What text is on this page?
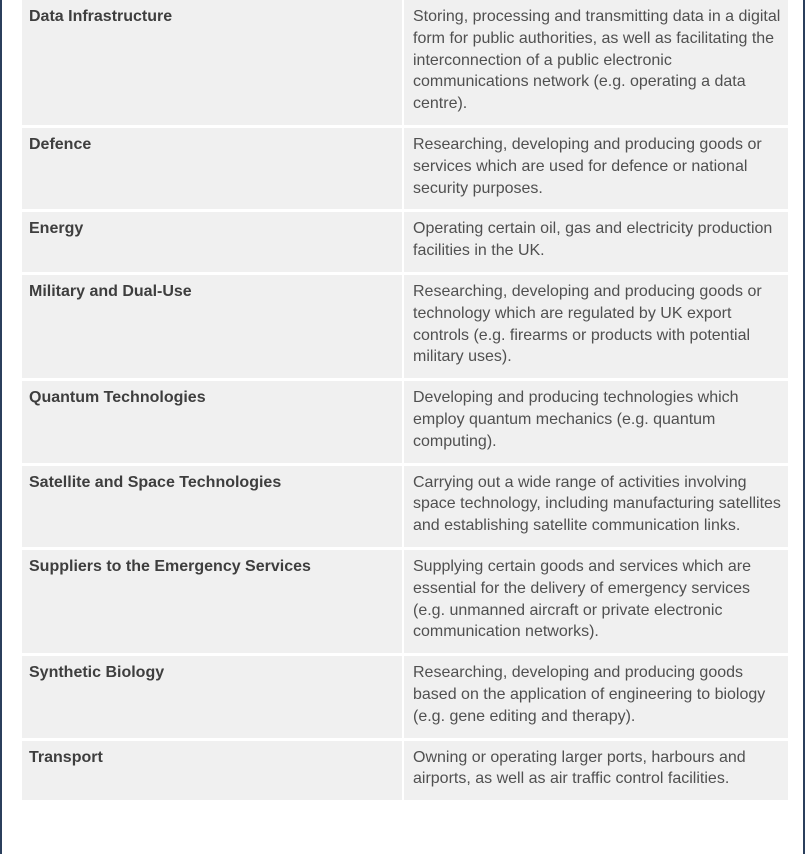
Data Infrastructure	Storing, processing and transmitting data in a digital form for public authorities, as well as facilitating the interconnection of a public electronic communications network (e.g. operating a data centre).
Defence	Researching, developing and producing goods or services which are used for defence or national security purposes.
Energy	Operating certain oil, gas and electricity production facilities in the UK.
Military and Dual-Use	Researching, developing and producing goods or technology which are regulated by UK export controls (e.g. firearms or products with potential military uses).
Quantum Technologies	Developing and producing technologies which employ quantum mechanics (e.g. quantum computing).
Satellite and Space Technologies	Carrying out a wide range of activities involving space technology, including manufacturing satellites and establishing satellite communication links.
Suppliers to the Emergency Services	Supplying certain goods and services which are essential for the delivery of emergency services (e.g. unmanned aircraft or private electronic communication networks).
Synthetic Biology	Researching, developing and producing goods based on the application of engineering to biology (e.g. gene editing and therapy).
Transport	Owning or operating larger ports, harbours and airports, as well as air traffic control facilities.
